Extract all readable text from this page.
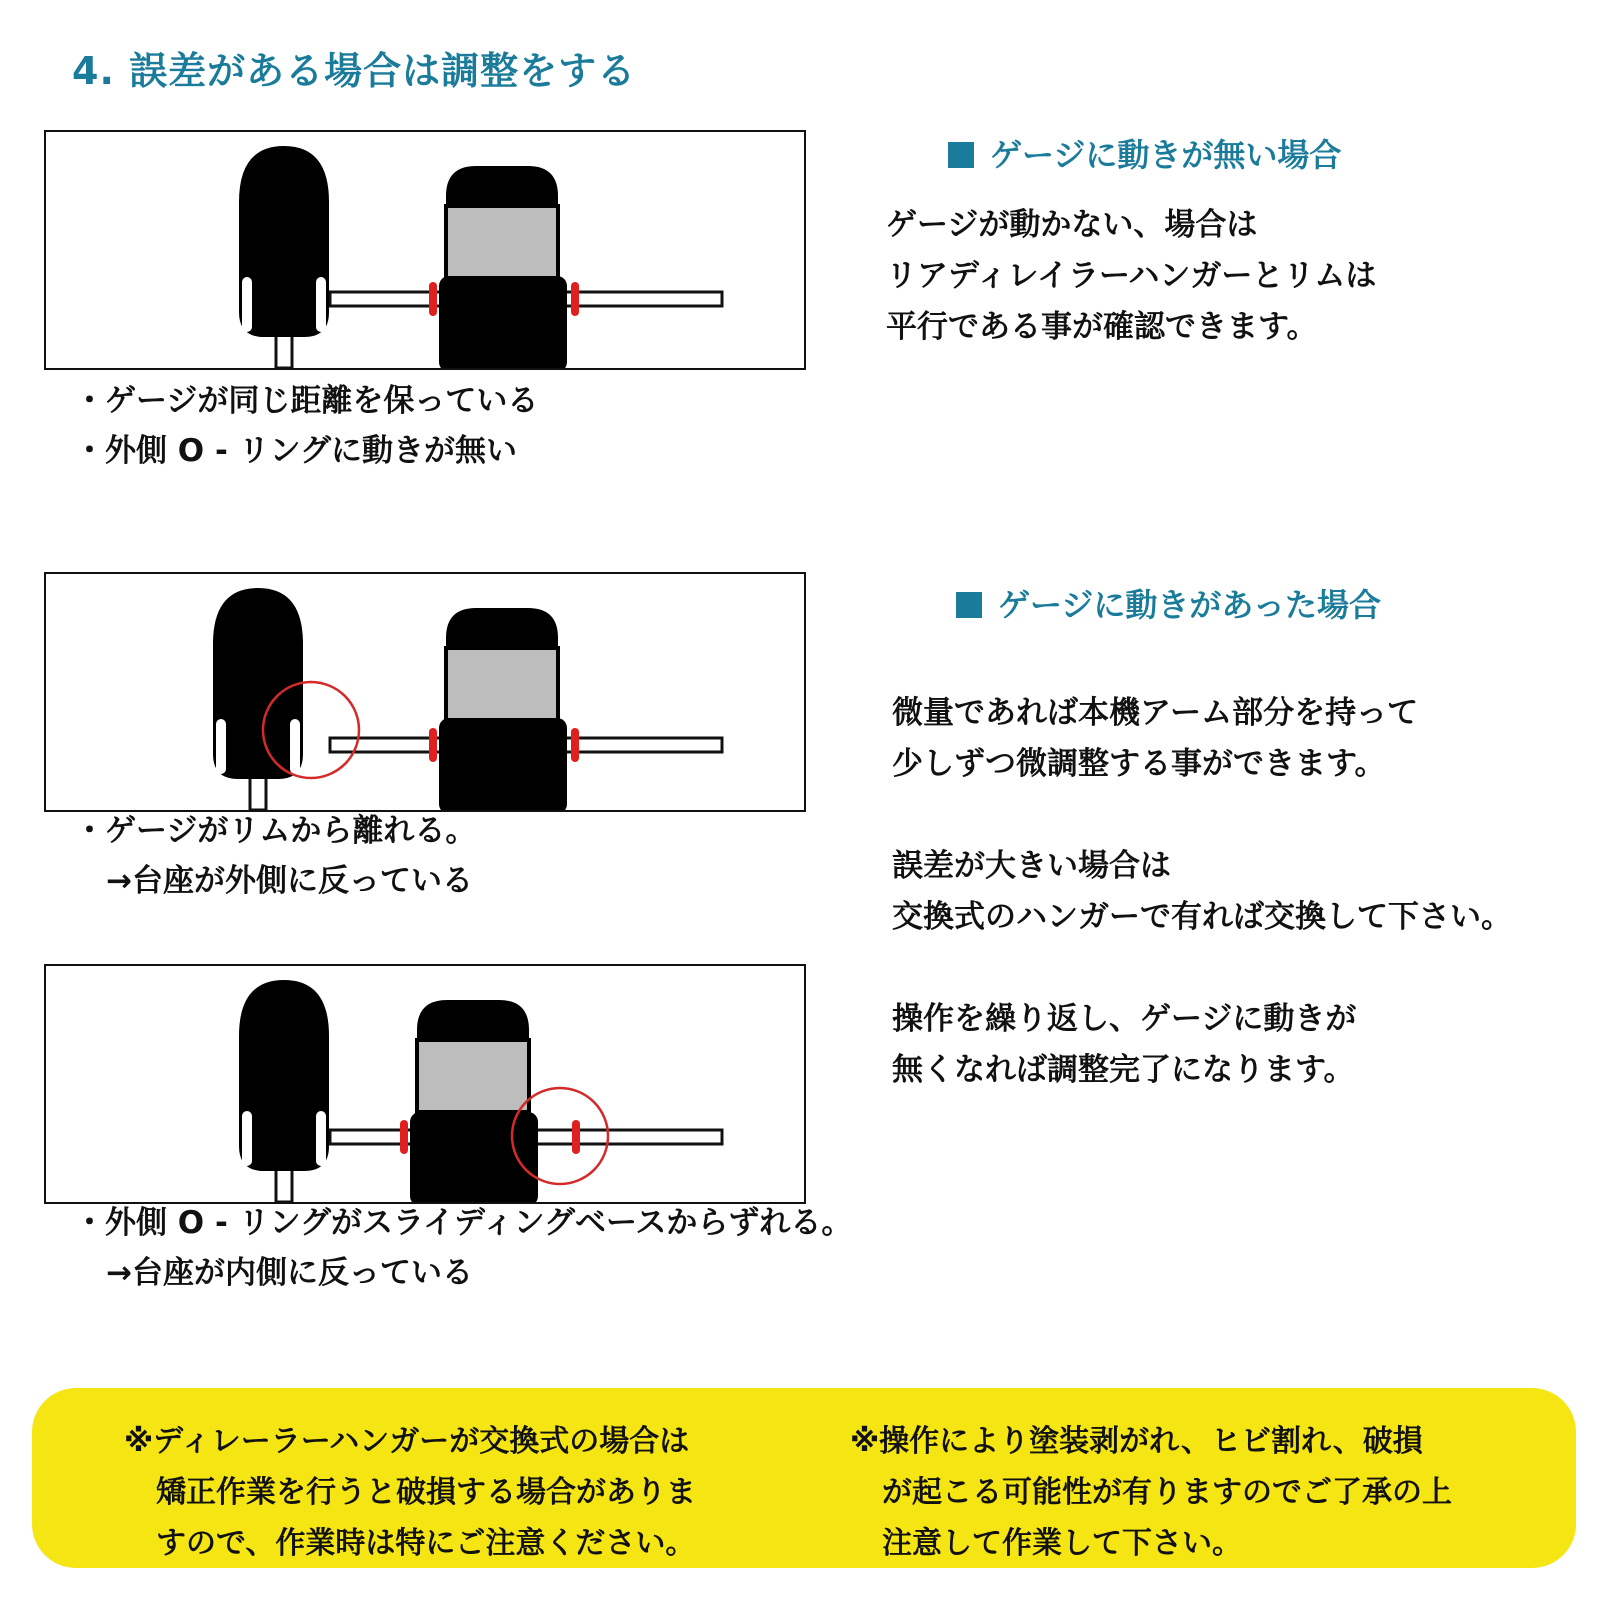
4. 誤差がある場合は調整をする
・ゲージが同じ距離を保っている
・外側 O - リングに動きが無い
・ゲージがリムから離れる。
→台座が外側に反っている
・外側 O - リングがスライディングベースからずれる。
→台座が内側に反っている
ゲージに動きが無い場合
ゲージが動かない、場合は
リアディレイラーハンガーとリムは
平行である事が確認できます。
ゲージに動きがあった場合
微量であれば本機アーム部分を持って
少しずつ微調整する事ができます。
誤差が大きい場合は
交換式のハンガーで有れば交換して下さい。
操作を繰り返し、ゲージに動きが
無くなれば調整完了になります。
※ディレーラーハンガーが交換式の場合は
矯正作業を行うと破損する場合がありま
すので、作業時は特にご注意ください。
※操作により塗装剥がれ、ヒビ割れ、破損
が起こる可能性が有りますのでご了承の上
注意して作業して下さい。
